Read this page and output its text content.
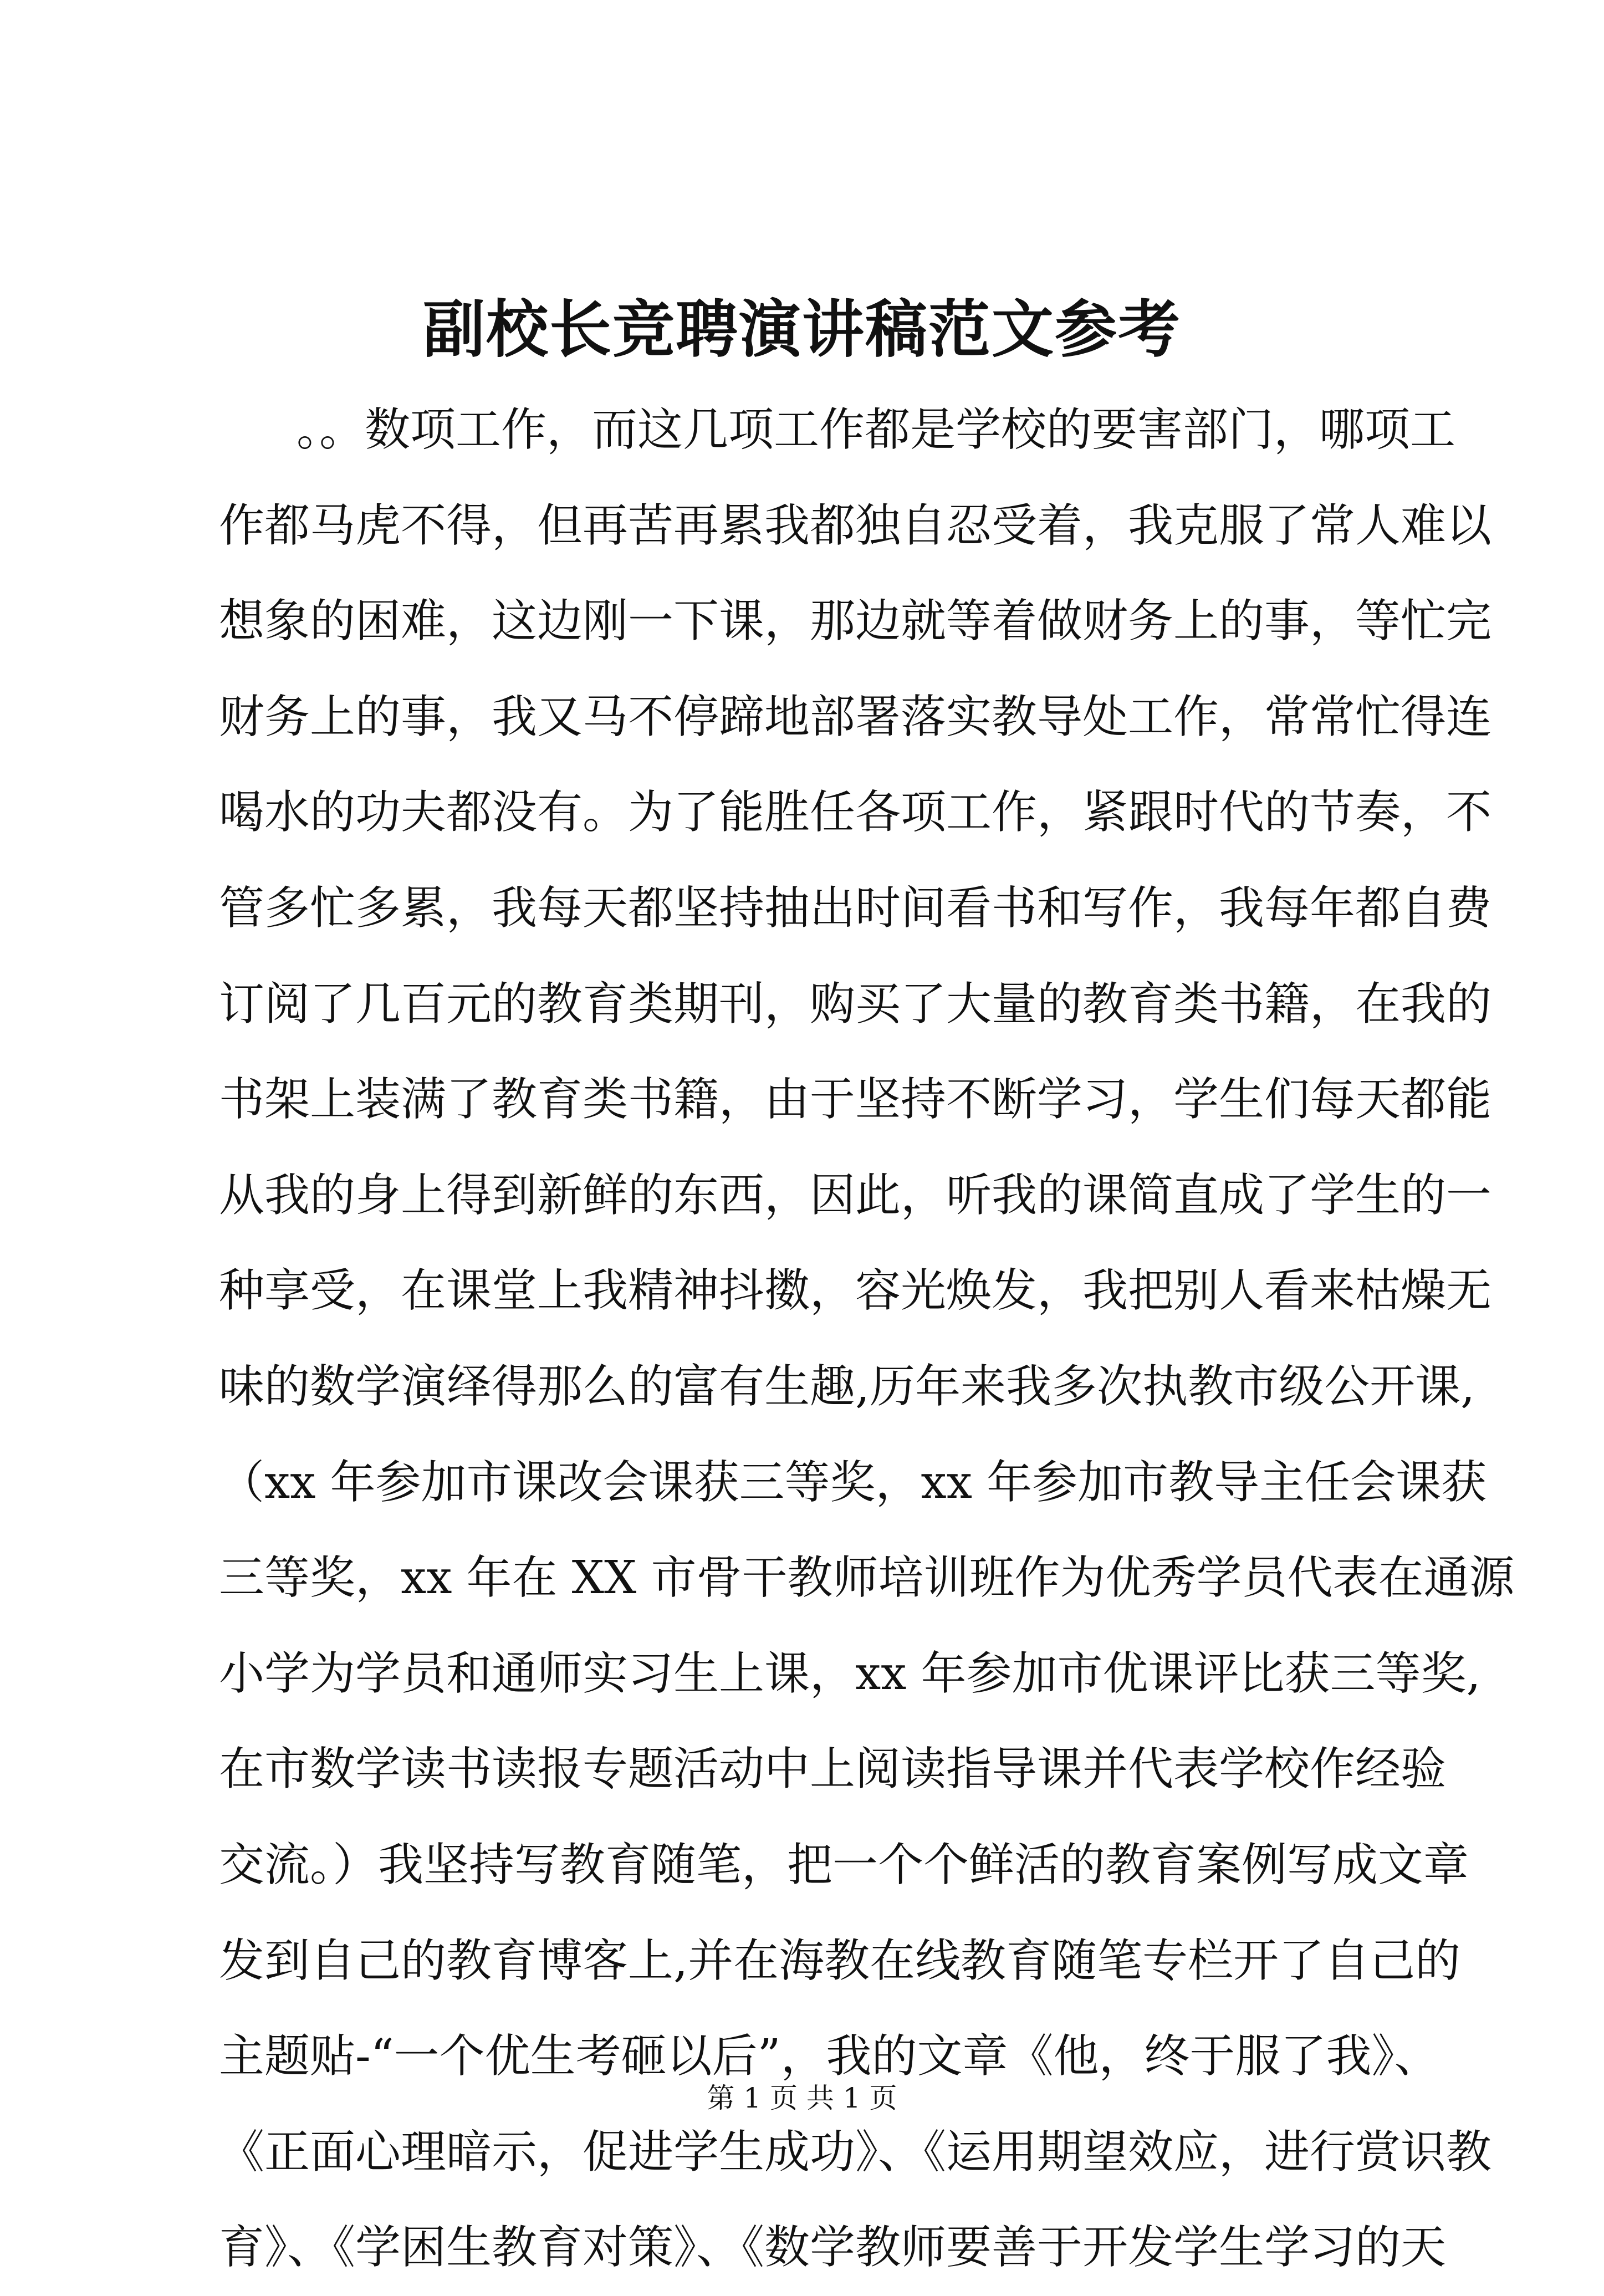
副校长竞聘演讲稿范文参考
。。数项工作，而这几项工作都是学校的要害部门，哪项工
作都马虎不得，但再苦再累我都独自忍受着，我克服了常人难以
想象的困难，这边刚一下课，那边就等着做财务上的事，等忙完
财务上的事，我又马不停蹄地部署落实教导处工作，常常忙得连
喝水的功夫都没有。为了能胜任各项工作，紧跟时代的节奏，不
管多忙多累，我每天都坚持抽出时间看书和写作，我每年都自费
订阅了几百元的教育类期刊，购买了大量的教育类书籍，在我的
书架上装满了教育类书籍，由于坚持不断学习，学生们每天都能
从我的身上得到新鲜的东西，因此，听我的课简直成了学生的一
种享受，在课堂上我精神抖擞，容光焕发，我把别人看来枯燥无
味的数学演绎得那么的富有生趣,历年来我多次执教市级公开课,
（xx 年参加市课改会课获三等奖，xx 年参加市教导主任会课获
三等奖，xx 年在 XX 市骨干教师培训班作为优秀学员代表在通源
小学为学员和通师实习生上课，xx 年参加市优课评比获三等奖,
在市数学读书读报专题活动中上阅读指导课并代表学校作经验
交流。）我坚持写教育随笔，把一个个鲜活的教育案例写成文章
发到自己的教育博客上,并在海教在线教育随笔专栏开了自己的
主题贴-“一个优生考砸以后”，我的文章《他，终于服了我》、
《正面心理暗示，促进学生成功》、《运用期望效应，进行赏识教
育》、《学困生教育对策》、《数学教师要善于开发学生学习的天
第 1 页 共 1 页
